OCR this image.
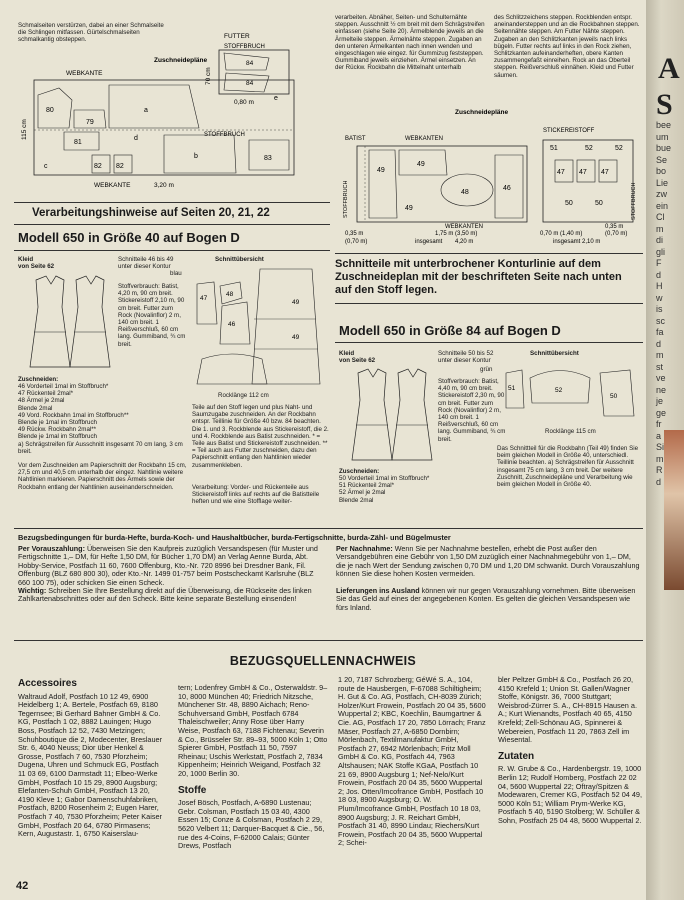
Schmalseiten verstürzen, dabei an einer Schmalseite die Schlingen mitfassen. Gürtelschmalseiten schmalkantig obsteppen.
Zuschneidepläne
FUTTER
STOFFBRUCH
84
84
0,80 m
70 cm
WEBKANTE
STOFFBRUCH
80
79
a
81
82 82
c
b	83
d
e
WEBKANTE	3,20 m
115 cm
verarbeiten. Abnäher, Seiten- und Schulternähte steppen. Ausschnitt ½ cm breit mit dem Schrägstreifen einfassen (siehe Seite 20). Ärmelblende jeweils an die Ärmelteile steppen. Ärmelnähte steppen. Zugaben an den unteren Ärmelkanten nach innen wenden und eingeschlagen wie eingez. für Gummizug feststeppen. Gummiband jeweils einziehen. Ärmel einsetzen. An der Rückw. Rockbahn die Mittelnaht unterhalb
des Schlitzzeichens steppen. Rockblenden entspr. aneinandersteppen und an die Rockbahnen steppen. Seitennähte steppen. Am Futter Nähte steppen. Zugaben an den Schlitzkanten jeweils nach links bügeln. Futter rechts auf links in den Rock ziehen, Schlitzkanten aufeinanderheften, obere Kanten zusammengefaßt einreihen. Rock an das Oberteil steppen. Reißverschluß einnähen. Kleid und Futter säumen.
Zuschneidepläne
BATIST	WEBKANTEN
STICKEREISTOFF
STOFFBRUCH	STOFFBRUCH
49
49
48
46
47 47 47
49
50	50
51	52	52
WEBKANTEN
0,35 m
(0,70 m)
1,75 m (3,50 m)
insgesamt 4,20 m
0,35 m
0,70 m (1,40 m)	(0,70 m)
insgesamt 2,10 m
Verarbeitungshinweise auf Seiten 20, 21, 22
Modell 650 in Größe 40 auf Bogen D
Kleid
von Seite 62
Schnitteile 46 bis 49 unter dieser Kontur
blau
Stoffverbrauch: Batist, 4,20 m, 90 cm breit. Stickereistoff 2,10 m, 90 cm breit. Futter zum Rock (Novalinflor) 2 m, 140 cm breit. 1 Reißverschluß, 60 cm lang. Gummiband, ¾ cm breit.
Zuschneiden:
46 Vorderteil 1mal im Stoffbruch*
47 Rückenteil 2mal*
48 Ärmel je 2mal
Blende 2mal
49 Vord. Rockbahn 1mal im Stoffbruch**
Blende je 1mal im Stoffbruch
49 Rückw. Rockbahn 2mal**
Blende je 1mal im Stoffbruch
a) Schrägstreifen für Ausschnitt insgesamt 70 cm lang, 3 cm breit.
Vor dem Zuschneiden am Papierschnitt der Rockbahn 15 cm, 27,5 cm und 40,5 cm unterhalb der eingez. Nahtlinie weitere Nahtlinien markieren. Papierschnitt des Ärmels sowie der Rockbahn entlang der Nahtlinien auseinanderschneiden.
Schnittübersicht
47
48
46
49
49
Rocklänge 112 cm
Teile auf den Stoff legen und plus Naht- und Saumzugabe zuschneiden. An der Rockbahn entspr. Teillinie für Größe 40 bzw. 84 beachten. Die 1. und 3. Rockblende aus Stickereistoff, die 2. und 4. Rockblende aus Batist zuschneiden. * = Teile aus Batist und Stickereistoff zuschneiden. ** = Teil auch aus Futter zuschneiden, dazu den Papierschnitt entlang den Nahtlinien wieder zusammenkleben.
Verarbeitung: Vorder- und Rückenteile aus Stickereistoff links auf rechts auf die Batistteile heften und wie eine Stofflage weiter-
Schnitteile mit unterbrochener Konturlinie auf dem Zuschneideplan mit der beschrifteten Seite nach unten auf den Stoff legen.
Modell 650 in Größe 84 auf Bogen D
Kleid
von Seite 62
Schnitteile 50 bis 52 unter dieser Kontur
grün
Stoffverbrauch: Batist, 4,40 m, 90 cm breit. Stickereistoff 2,30 m, 90 cm breit. Futter zum Rock (Novalinflor) 2 m, 140 cm breit. 1 Reißverschluß, 60 cm lang. Gummiband, ¾ cm breit.
Zuschneiden:
50 Vorderteil 1mal im Stoffbruch*
51 Rückenteil 2mal*
52 Ärmel je 2mal
Blende 2mal
Schnittübersicht
51	52
50
Rocklänge 115 cm
Das Schnittteil für die Rockbahn (Teil 49) finden Sie beim gleichen Modell in Größe 40, unterschiedl. Teillinie beachten. a) Schrägstreifen für Ausschnitt insgesamt 75 cm lang, 3 cm breit. Der weitere Zuschnitt, Zuschneidepläne und Verarbeitung wie beim gleichen Modell in Größe 40.
Bezugsbedingungen für burda-Hefte, burda-Koch- und Haushaltbücher, burda-Fertigschnitte, burda-Zähl- und Bügelmuster
Per Vorauszahlung: Überweisen Sie den Kaufpreis zuzüglich Versandspesen (für Muster und Fertigschnitte 1,– DM, für Hefte 1,50 DM, für Bücher 1,70 DM) an Verlag Aenne Burda, Abt. Hobby-Service, Postfach 11 60, 7600 Offenburg, Kto.-Nr. 720 8996 bei Dresdner Bank, Fil. Offenburg (BLZ 680 800 30), oder Kto.-Nr. 1499 01-757 beim Postscheckamt Karlsruhe (BLZ 660 100 75), oder schicken Sie einen Scheck.
Wichtig: Schreiben Sie Ihre Bestellung direkt auf die Überweisung, die Rückseite des linken Zahlkartenabschnittes oder auf den Scheck. Bitte keine separate Bestellung einsenden!
Per Nachnahme: Wenn Sie per Nachnahme bestellen, erhebt die Post außer den Versandgebühren eine Gebühr von 1,50 DM zuzüglich einer Nachnahmegebühr von 1,– DM, die je nach Wert der Sendung zwischen 0,70 DM und 1,20 DM schwankt. Durch Vorauszahlung können Sie diese hohen Kosten vermeiden.

Lieferungen ins Ausland können wir nur gegen Vorauszahlung vornehmen. Bitte überweisen Sie das Geld auf eines der angegebenen Konten. Es gelten die gleichen Versandspesen wie fürs Inland.
BEZUGSQUELLENNACHWEIS
Accessoires
Waltraud Adolf, Postfach 10 12 49, 6900 Heidelberg 1; A. Bertele, Postfach 69, 8180 Tegernsee; Bi Gerhard Bahner GmbH & Co. KG, Postfach 1 02, 8882 Lauingen; Hugo Boss, Postfach 12 52, 7430 Metzingen; Schuhboutique die 2, Modecenter, Breslauer Str. 6, 4040 Neuss; Dior über Henkel & Grosse, Postfach 7 60, 7530 Pforzheim; Dugena, Uhren und Schmuck EG, Postfach 11 03 69, 6100 Darmstadt 11; Elbeo-Werke GmbH, Postfach 10 15 29, 8900 Augsburg; Elefanten-Schuh GmbH, Postfach 13 20, 4190 Kleve 1; Gabor Damenschuhfabriken, Postfach, 8200 Rosenheim 2; Eugen Harer, Postfach 7 40, 7530 Pforzheim; Peter Kaiser GmbH, Postfach 20 64, 6780 Pirmasens; Kern, Augustastr. 1, 6750 Kaiserslau-
tern; Lodenfrey GmbH & Co., Osterwaldstr. 9–10, 8000 München 40; Friedrich Nitzsche, Münchener Str. 48, 8890 Aichach; Reno-Schuhversand GmbH, Postfach 6784 Thaleischweiler; Anny Rose über Harry Weise, Postfach 63, 7188 Fichtenau; Severin & Co., Brüsseler Str. 89–93, 5000 Köln 1; Otto Spierer GmbH, Postfach 11 50, 7597 Rheinau; Uschis Werkstatt, Postfach 2, 7834 Kippenheim; Heinrich Weigand, Postfach 32 20, 1000 Berlin 30.
Stoffe
Josef Bösch, Postfach, A-6890 Lustenau; Gebr. Colsman, Postfach 15 03 40, 4300 Essen 15; Conze & Colsman, Postfach 2 29, 5620 Velbert 11; Darquer-Bacquet & Cie., 56, rue des 4-Coins, F-62000 Calais; Günter Drews, Postfach
1 20, 7187 Schrozberg; GéWé S. A., 104, route de Hausbergen, F-67088 Schiltigheim; H. Gut & Co. AG, Postfach, CH-8039 Zürich; Holzer/Kurt Frowein, Postfach 20 04 35, 5600 Wuppertal 2; KBC, Koechlin, Baumgartner & Cie. AG, Postfach 17 20, 7850 Lörrach; Franz Mäser, Postfach 27, A-6850 Dornbirn; Mörlenbach, Textilmanufaktur GmbH, Postfach 27, 6942 Mörlenbach; Fritz Moll GmbH & Co. KG, Postfach 44, 7963 Altshausen; NAK Stoffe KGaA, Postfach 10 21 69, 8900 Augsburg 1; Nef-Nelo/Kurt Frowein, Postfach 20 04 35, 5600 Wuppertal 2; Jos. Otten/Imcofrance GmbH, Postfach 10 18 03, 8900 Augsburg; O. W. Plum/Imcofrance GmbH, Postfach 10 18 03, 8900 Augsburg; J. R. Reichart GmbH, Postfach 31 40, 8990 Lindau; Riechers/Kurt Frowein, Postfach 20 04 35, 5600 Wuppertal 2; Schei-
bler Peltzer GmbH & Co., Postfach 26 20, 4150 Krefeld 1; Union St. Gallen/Wagner Stoffe, Königstr. 36, 7000 Stuttgart; Weisbrod-Zürrer S. A., CH-8915 Hausen a. A.; Kurt Wienandts, Postfach 40 65, 4150 Krefeld; Zell-Schönau AG, Spinnerei & Webereien, Postfach 11 20, 7863 Zell im Wiesental.
Zutaten
R. W. Grube & Co., Hardenbergstr. 19, 1000 Berlin 12; Rudolf Homberg, Postfach 22 02 04, 5600 Wuppertal 22; Oftray/Spitzen & Modewaren, Cremer KG, Postfach 52 04 49, 5000 Köln 51; William Prym-Werke KG, Postfach 5 40, 5190 Stolberg; W. Schüller & Sohn, Postfach 25 04 48, 5600 Wuppertal 2.
42
A
S
bee
um
bue
Se
bo
Lie
zw
ein
Cl
m
di
gli
F
d
H
w
is
sc
fa
d
m
st
ve
ne
je
ge
fr
a
Si
m
R
d
